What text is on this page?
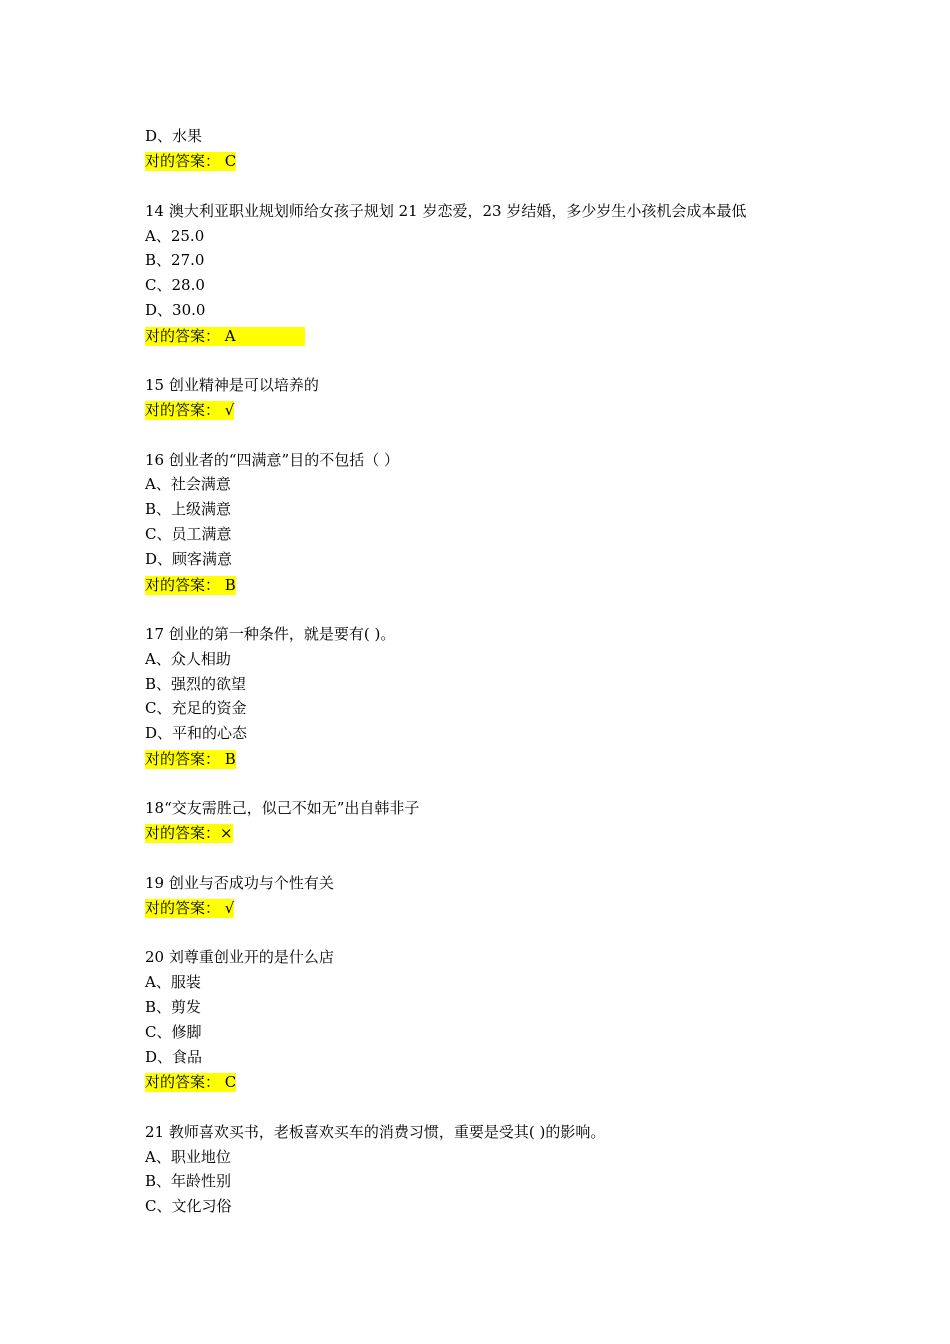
D、水果
对的答案： C
14 澳大利亚职业规划师给女孩子规划 21 岁恋爱，23 岁结婚，多少岁生小孩机会成本最低
A、25.0
B、27.0
C、28.0
D、30.0
对的答案： A
15 创业精神是可以培养的
对的答案： √
16 创业者的“四满意”目的不包括（ ）
A、社会满意
B、上级满意
C、员工满意
D、顾客满意
对的答案： B
17 创业的第一种条件，就是要有( )。
A、众人相助
B、强烈的欲望
C、充足的资金
D、平和的心态
对的答案： B
18“交友需胜己，似己不如无”出自韩非子
对的答案：×
19 创业与否成功与个性有关
对的答案： √
20 刘尊重创业开的是什么店
A、服装
B、剪发
C、修脚
D、食品
对的答案： C
21 教师喜欢买书，老板喜欢买车的消费习惯，重要是受其( )的影响。
A、职业地位
B、年龄性别
C、文化习俗
